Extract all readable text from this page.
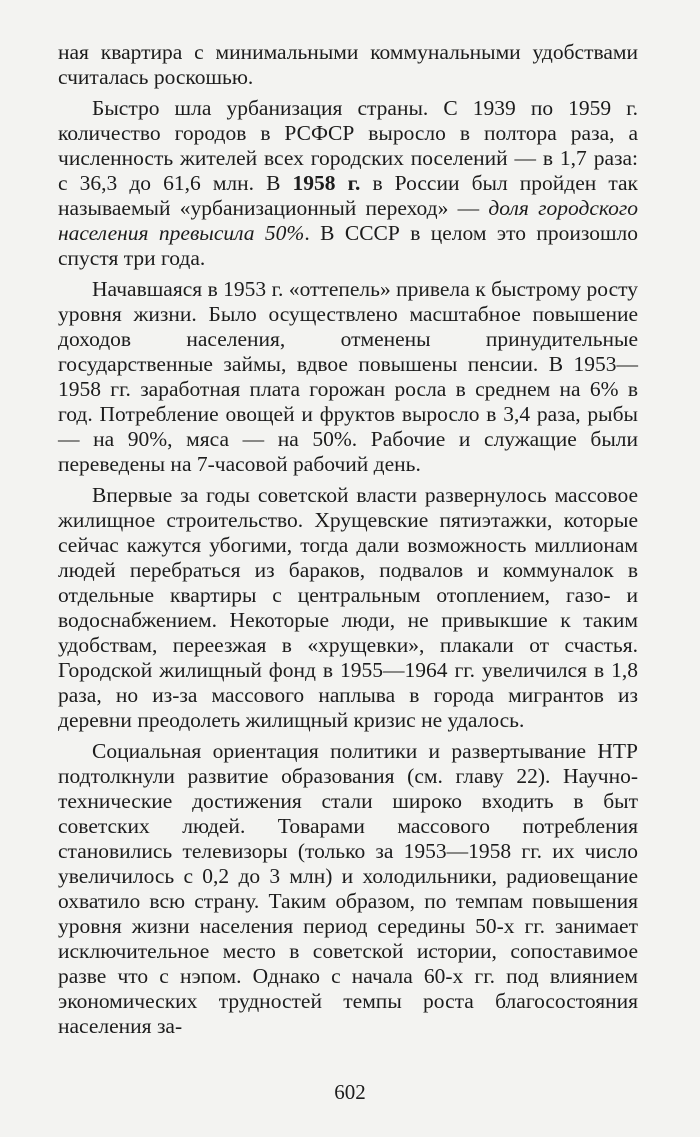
ная квартира с минимальными коммунальными удобствами считалась роскошью.

Быстро шла урбанизация страны. С 1939 по 1959 г. количество городов в РСФСР выросло в полтора раза, а численность жителей всех городских поселений — в 1,7 раза: с 36,3 до 61,6 млн. В 1958 г. в России был пройден так называемый «урбанизационный переход» — доля городского населения превысила 50%. В СССР в целом это произошло спустя три года.

Начавшаяся в 1953 г. «оттепель» привела к быстрому росту уровня жизни. Было осуществлено масштабное повышение доходов населения, отменены принудительные государственные займы, вдвое повышены пенсии. В 1953—1958 гг. заработная плата горожан росла в среднем на 6% в год. Потребление овощей и фруктов выросло в 3,4 раза, рыбы — на 90%, мяса — на 50%. Рабочие и служащие были переведены на 7-часовой рабочий день.

Впервые за годы советской власти развернулось массовое жилищное строительство. Хрущевские пятиэтажки, которые сейчас кажутся убогими, тогда дали возможность миллионам людей перебраться из бараков, подвалов и коммуналок в отдельные квартиры с центральным отоплением, газо- и водоснабжением. Некоторые люди, не привыкшие к таким удобствам, переезжая в «хрущевки», плакали от счастья. Городской жилищный фонд в 1955—1964 гг. увеличился в 1,8 раза, но из-за массового наплыва в города мигрантов из деревни преодолеть жилищный кризис не удалось.

Социальная ориентация политики и развертывание НТР подтолкнули развитие образования (см. главу 22). Научно-технические достижения стали широко входить в быт советских людей. Товарами массового потребления становились телевизоры (только за 1953—1958 гг. их число увеличилось с 0,2 до 3 млн) и холодильники, радиовещание охватило всю страну. Таким образом, по темпам повышения уровня жизни населения период середины 50-х гг. занимает исключительное место в советской истории, сопоставимое разве что с нэпом. Однако с начала 60-х гг. под влиянием экономических трудностей темпы роста благосостояния населения за-

602
